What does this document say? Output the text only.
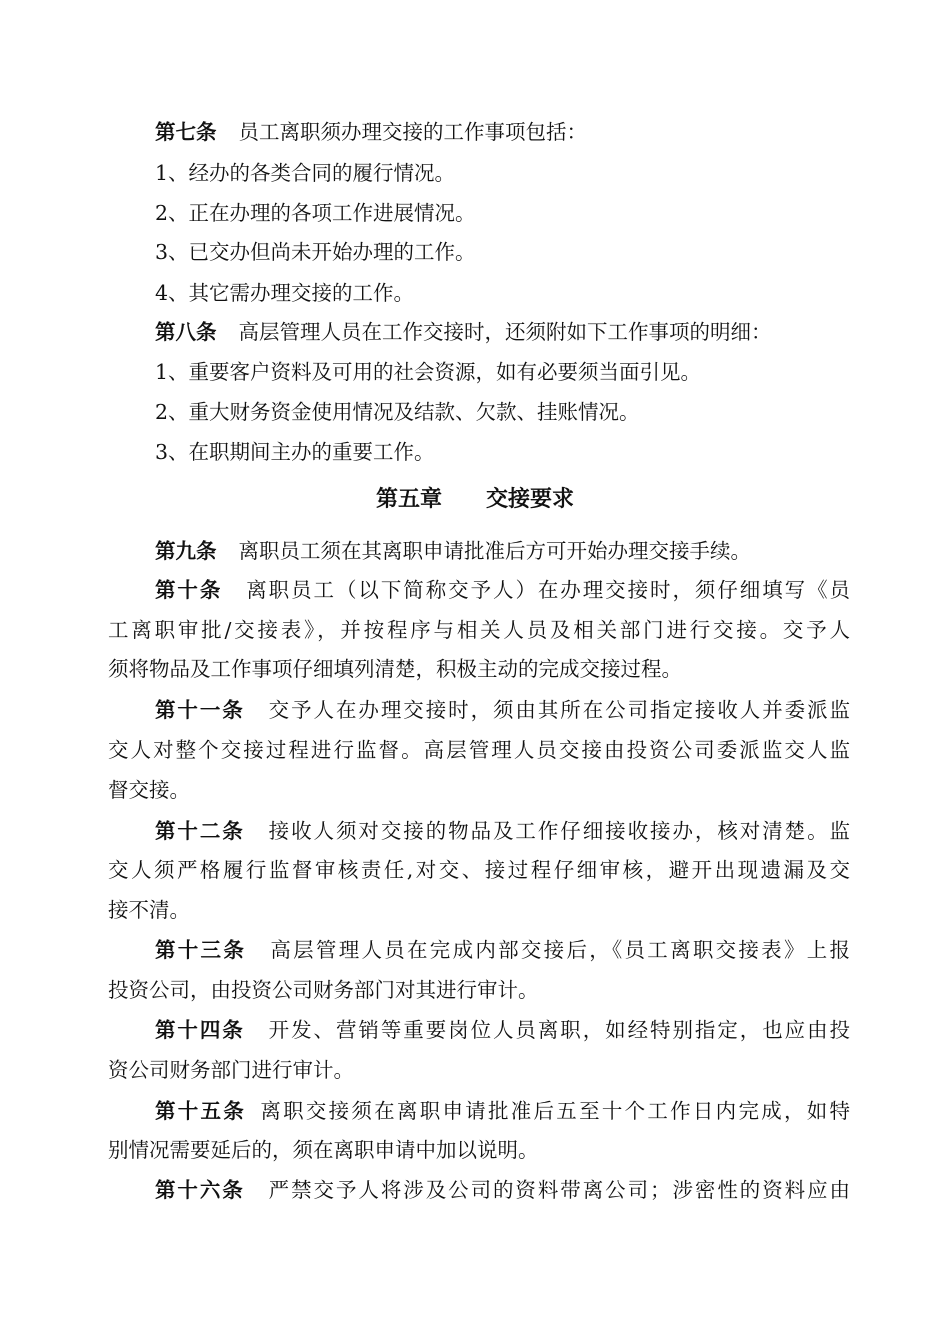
第七条 员工离职须办理交接的工作事项包括：
1、经办的各类合同的履行情况。
2、正在办理的各项工作进展情况。
3、已交办但尚未开始办理的工作。
4、其它需办理交接的工作。
第八条 高层管理人员在工作交接时，还须附如下工作事项的明细：
1、重要客户资料及可用的社会资源，如有必要须当面引见。
2、重大财务资金使用情况及结款、欠款、挂账情况。
3、在职期间主办的重要工作。
第五章 交接要求
第九条 离职员工须在其离职申请批准后方可开始办理交接手续。
第十条 离职员工（以下简称交予人）在办理交接时，须仔细填写《员
工离职审批/交接表》，并按程序与相关人员及相关部门进行交接。交予人
须将物品及工作事项仔细填列清楚，积极主动的完成交接过程。
第十一条 交予人在办理交接时，须由其所在公司指定接收人并委派监
交人对整个交接过程进行监督。高层管理人员交接由投资公司委派监交人监
督交接。
第十二条 接收人须对交接的物品及工作仔细接收接办，核对清楚。监
交人须严格履行监督审核责任,对交、接过程仔细审核，避开出现遗漏及交
接不清。
第十三条 高层管理人员在完成内部交接后，《员工离职交接表》上报
投资公司，由投资公司财务部门对其进行审计。
第十四条 开发、营销等重要岗位人员离职，如经特别指定，也应由投
资公司财务部门进行审计。
第十五条 离职交接须在离职申请批准后五至十个工作日内完成，如特
别情况需要延后的，须在离职申请中加以说明。
第十六条 严禁交予人将涉及公司的资料带离公司；涉密性的资料应由
